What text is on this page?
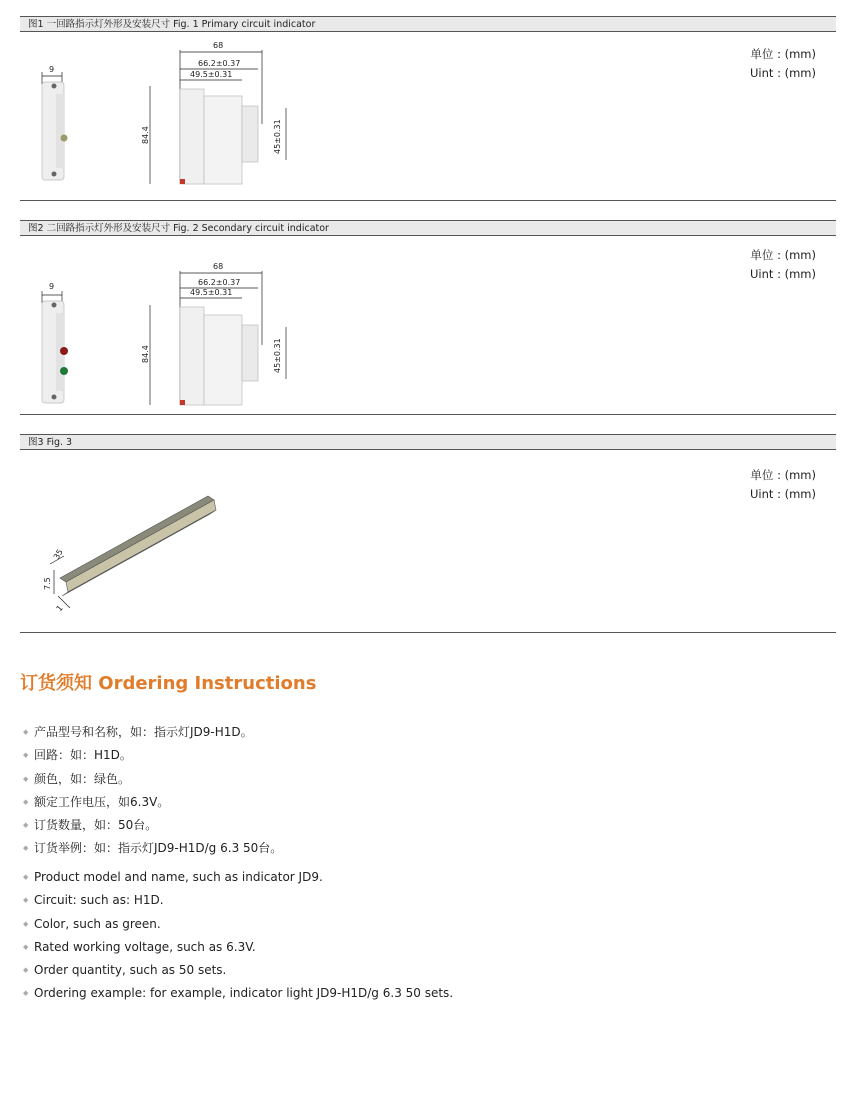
图1 一回路指示灯外形及安装尺寸 Fig. 1 Primary circuit indicator
单位 : (mm)
Uint : (mm)
9
68
66.2±0.37
49.5±0.31
84.4	45±0.31
图2 二回路指示灯外形及安装尺寸 Fig. 2 Secondary circuit indicator
单位 : (mm)
Uint : (mm)
9
68
66.2±0.37
49.5±0.31
84.4	45±0.31
图3 Fig. 3
单位 : (mm)
Uint : (mm)
35
7.5
1
订货须知 Ordering Instructions
◆ 产品型号和名称，如：指示灯JD9-H1D。
◆ 回路：如：H1D。
◆ 颜色，如：绿色。
◆ 额定工作电压，如6.3V。
◆ 订货数量，如：50台。
◆ 订货举例：如：指示灯JD9-H1D/g 6.3 50台。
◆ Product model and name, such as indicator JD9.
◆ Circuit: such as: H1D.
◆ Color, such as green.
◆ Rated working voltage, such as 6.3V.
◆ Order quantity, such as 50 sets.
◆ Ordering example: for example, indicator light JD9-H1D/g 6.3 50 sets.
